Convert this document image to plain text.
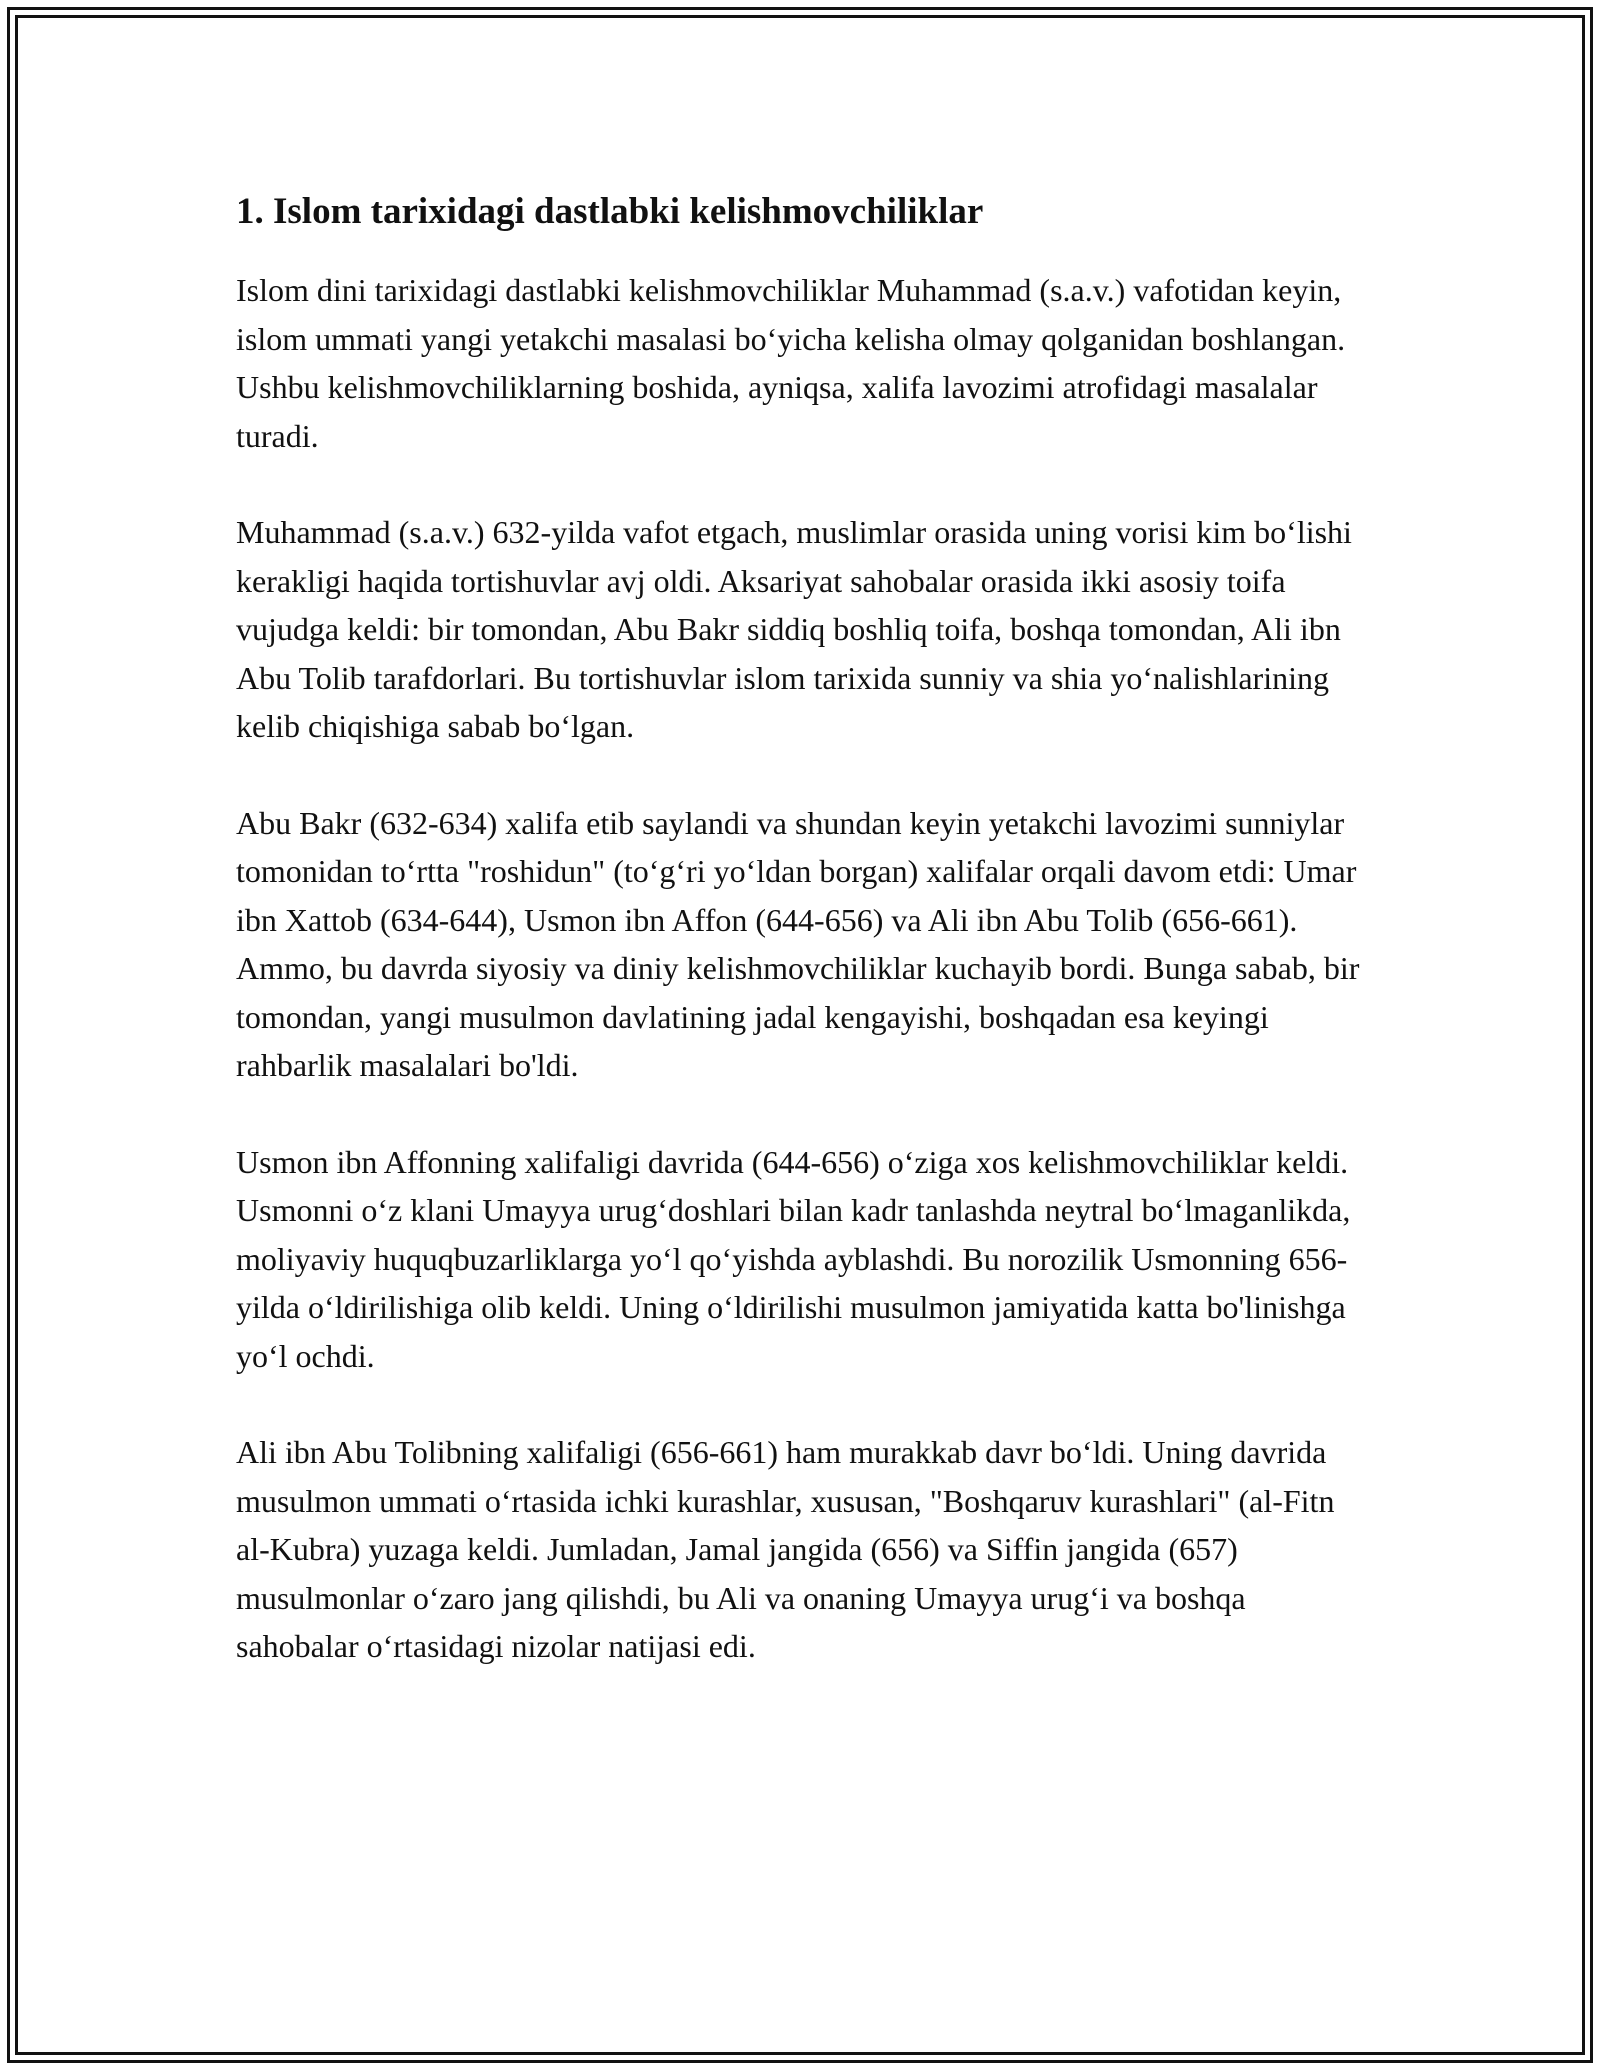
1. Islom tarixidagi dastlabki kelishmovchiliklar

Islom dini tarixidagi dastlabki kelishmovchiliklar Muhammad (s.a.v.) vafotidan keyin, islom ummati yangi yetakchi masalasi bo‘yicha kelisha olmay qolganidan boshlangan. Ushbu kelishmovchiliklarning boshida, ayniqsa, xalifa lavozimi atrofidagi masalalar turadi.

Muhammad (s.a.v.) 632-yilda vafot etgach, muslimlar orasida uning vorisi kim bo‘lishi kerakligi haqida tortishuvlar avj oldi. Aksariyat sahobalar orasida ikki asosiy toifa vujudga keldi: bir tomondan, Abu Bakr siddiq boshliq toifa, boshqa tomondan, Ali ibn Abu Tolib tarafdorlari. Bu tortishuvlar islom tarixida sunniy va shia yo‘nalishlarining kelib chiqishiga sabab bo‘lgan.

Abu Bakr (632-634) xalifa etib saylandi va shundan keyin yetakchi lavozimi sunniylar tomonidan to‘rtta "roshidun" (to‘g‘ri yo‘ldan borgan) xalifalar orqali davom etdi: Umar ibn Xattob (634-644), Usmon ibn Affon (644-656) va Ali ibn Abu Tolib (656-661). Ammo, bu davrda siyosiy va diniy kelishmovchiliklar kuchayib bordi. Bunga sabab, bir tomondan, yangi musulmon davlatining jadal kengayishi, boshqadan esa keyingi rahbarlik masalalari bo'ldi.

Usmon ibn Affonning xalifaligi davrida (644-656) o‘ziga xos kelishmovchiliklar keldi. Usmonni o‘z klani Umayya urug‘doshlari bilan kadr tanlashda neytral bo‘lmaganlikda, moliyaviy huquqbuzarliklarga yo‘l qo‘yishda ayblashdi. Bu norozilik Usmonning 656-yilda o‘ldirilishiga olib keldi. Uning o‘ldirilishi musulmon jamiyatida katta bo'linishga yo‘l ochdi.

Ali ibn Abu Tolibning xalifaligi (656-661) ham murakkab davr bo‘ldi. Uning davrida musulmon ummati o‘rtasida ichki kurashlar, xususan, "Boshqaruv kurashlari" (al-Fitn al-Kubra) yuzaga keldi. Jumladan, Jamal jangida (656) va Siffin jangida (657) musulmonlar o‘zaro jang qilishdi, bu Ali va onaning Umayya urug‘i va boshqa sahobalar o‘rtasidagi nizolar natijasi edi.
